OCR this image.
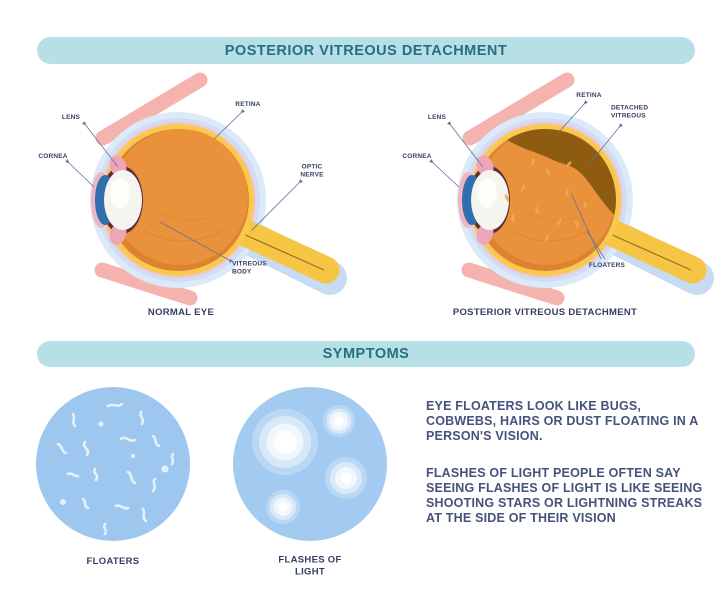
POSTERIOR VITREOUS DETACHMENT
SYMPTOMS
LENS
CORNEA
RETINA
OPTIC NERVE
VITREOUS BODY
NORMAL EYE
LENS
CORNEA
RETINA
DETACHED VITREOUS
FLOATERS
POSTERIOR VITREOUS DETACHMENT
FLOATERS	FLASHES OF LIGHT

EYE FLOATERS LOOK LIKE BUGS, COBWEBS, HAIRS OR DUST FLOATING IN A PERSON'S VISION.

FLASHES OF LIGHT PEOPLE OFTEN SAY SEEING FLASHES OF LIGHT IS LIKE SEEING SHOOTING STARS OR LIGHTNING STREAKS AT THE SIDE OF THEIR VISION
